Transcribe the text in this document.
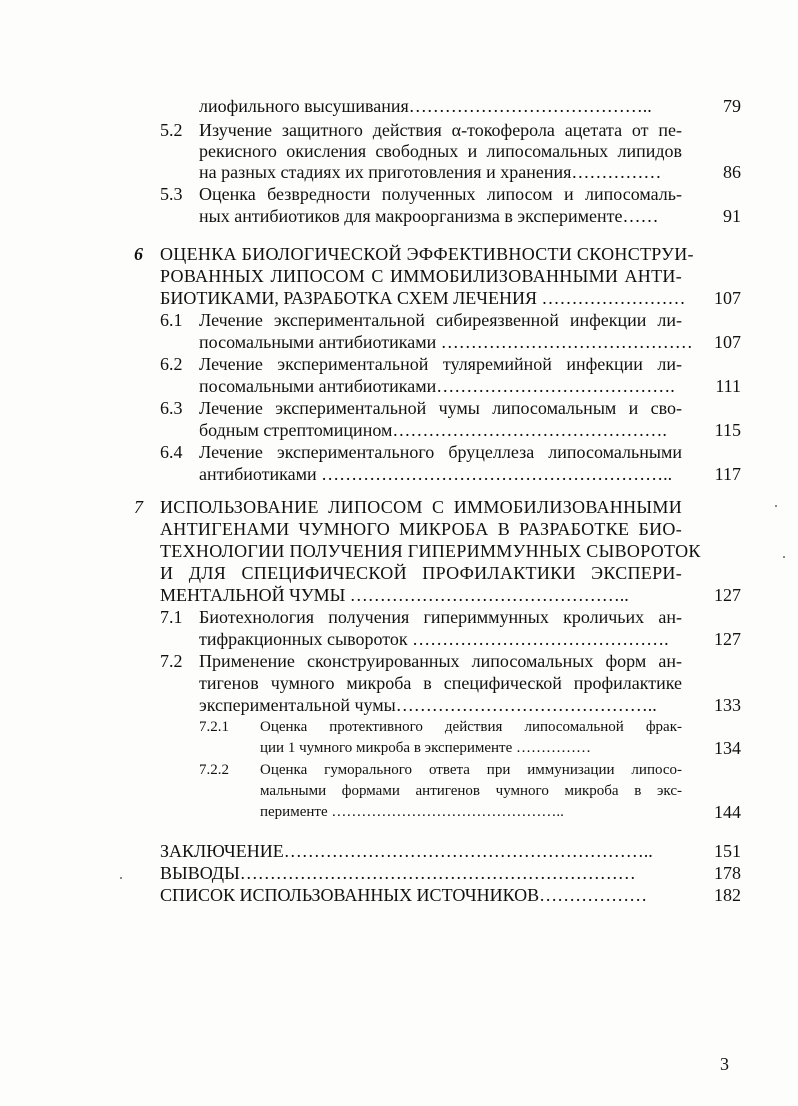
лиофильного высушивания…………………………………..	79
5.2 Изучение защитного действия α-токоферола ацетата от пе-
рекисного окисления свободных и липосомальных липидов
на разных стадиях их приготовления и хранения……………	86
5.3 Оценка безвредности полученных липосом и липосомаль-
ных антибиотиков для макроорганизма в эксперименте……	91
6 ОЦЕНКА БИОЛОГИЧЕСКОЙ ЭФФЕКТИВНОСТИ СКОНСТРУИ-
РОВАННЫХ ЛИПОСОМ С ИММОБИЛИЗОВАННЫМИ АНТИ-
БИОТИКАМИ, РАЗРАБОТКА СХЕМ ЛЕЧЕНИЯ ……………………	107
6.1 Лечение экспериментальной сибиреязвенной инфекции ли-
посомальными антибиотиками ……………………………………	107
6.2 Лечение экспериментальной туляремийной инфекции ли-
посомальными антибиотиками………………………………….	111
6.3 Лечение экспериментальной чумы липосомальным и сво-
бодным стрептомицином……………………………………….	115
6.4 Лечение экспериментального бруцеллеза липосомальными
антибиотиками …………………………………………………..	117
7 ИСПОЛЬЗОВАНИЕ ЛИПОСОМ С ИММОБИЛИЗОВАННЫМИ
АНТИГЕНАМИ ЧУМНОГО МИКРОБА В РАЗРАБОТКЕ БИО-
ТЕХНОЛОГИИ ПОЛУЧЕНИЯ ГИПЕРИММУННЫХ СЫВОРОТОК
И ДЛЯ СПЕЦИФИЧЕСКОЙ ПРОФИЛАКТИКИ ЭКСПЕРИ-
МЕНТАЛЬНОЙ ЧУМЫ ………………………………………..	127
7.1 Биотехнология получения гипериммунных кроличьих ан-
тифракционных сывороток …………………………………….	127
7.2 Применение сконструированных липосомальных форм ан-
тигенов чумного микроба в специфической профилактике
экспериментальной чумы……………………………………..	133
7.2.1 Оценка протективного действия липосомальной фрак-
ции 1 чумного микроба в эксперименте ……………	134
7.2.2 Оценка гуморального ответа при иммунизации липосо-
мальными формами антигенов чумного микроба в экс-
перименте ………………………………………..	144
ЗАКЛЮЧЕНИЕ……………………………………………………..	151
ВЫВОДЫ…………………………………………………………	178
СПИСОК ИСПОЛЬЗОВАННЫХ ИСТОЧНИКОВ………………	182
3
